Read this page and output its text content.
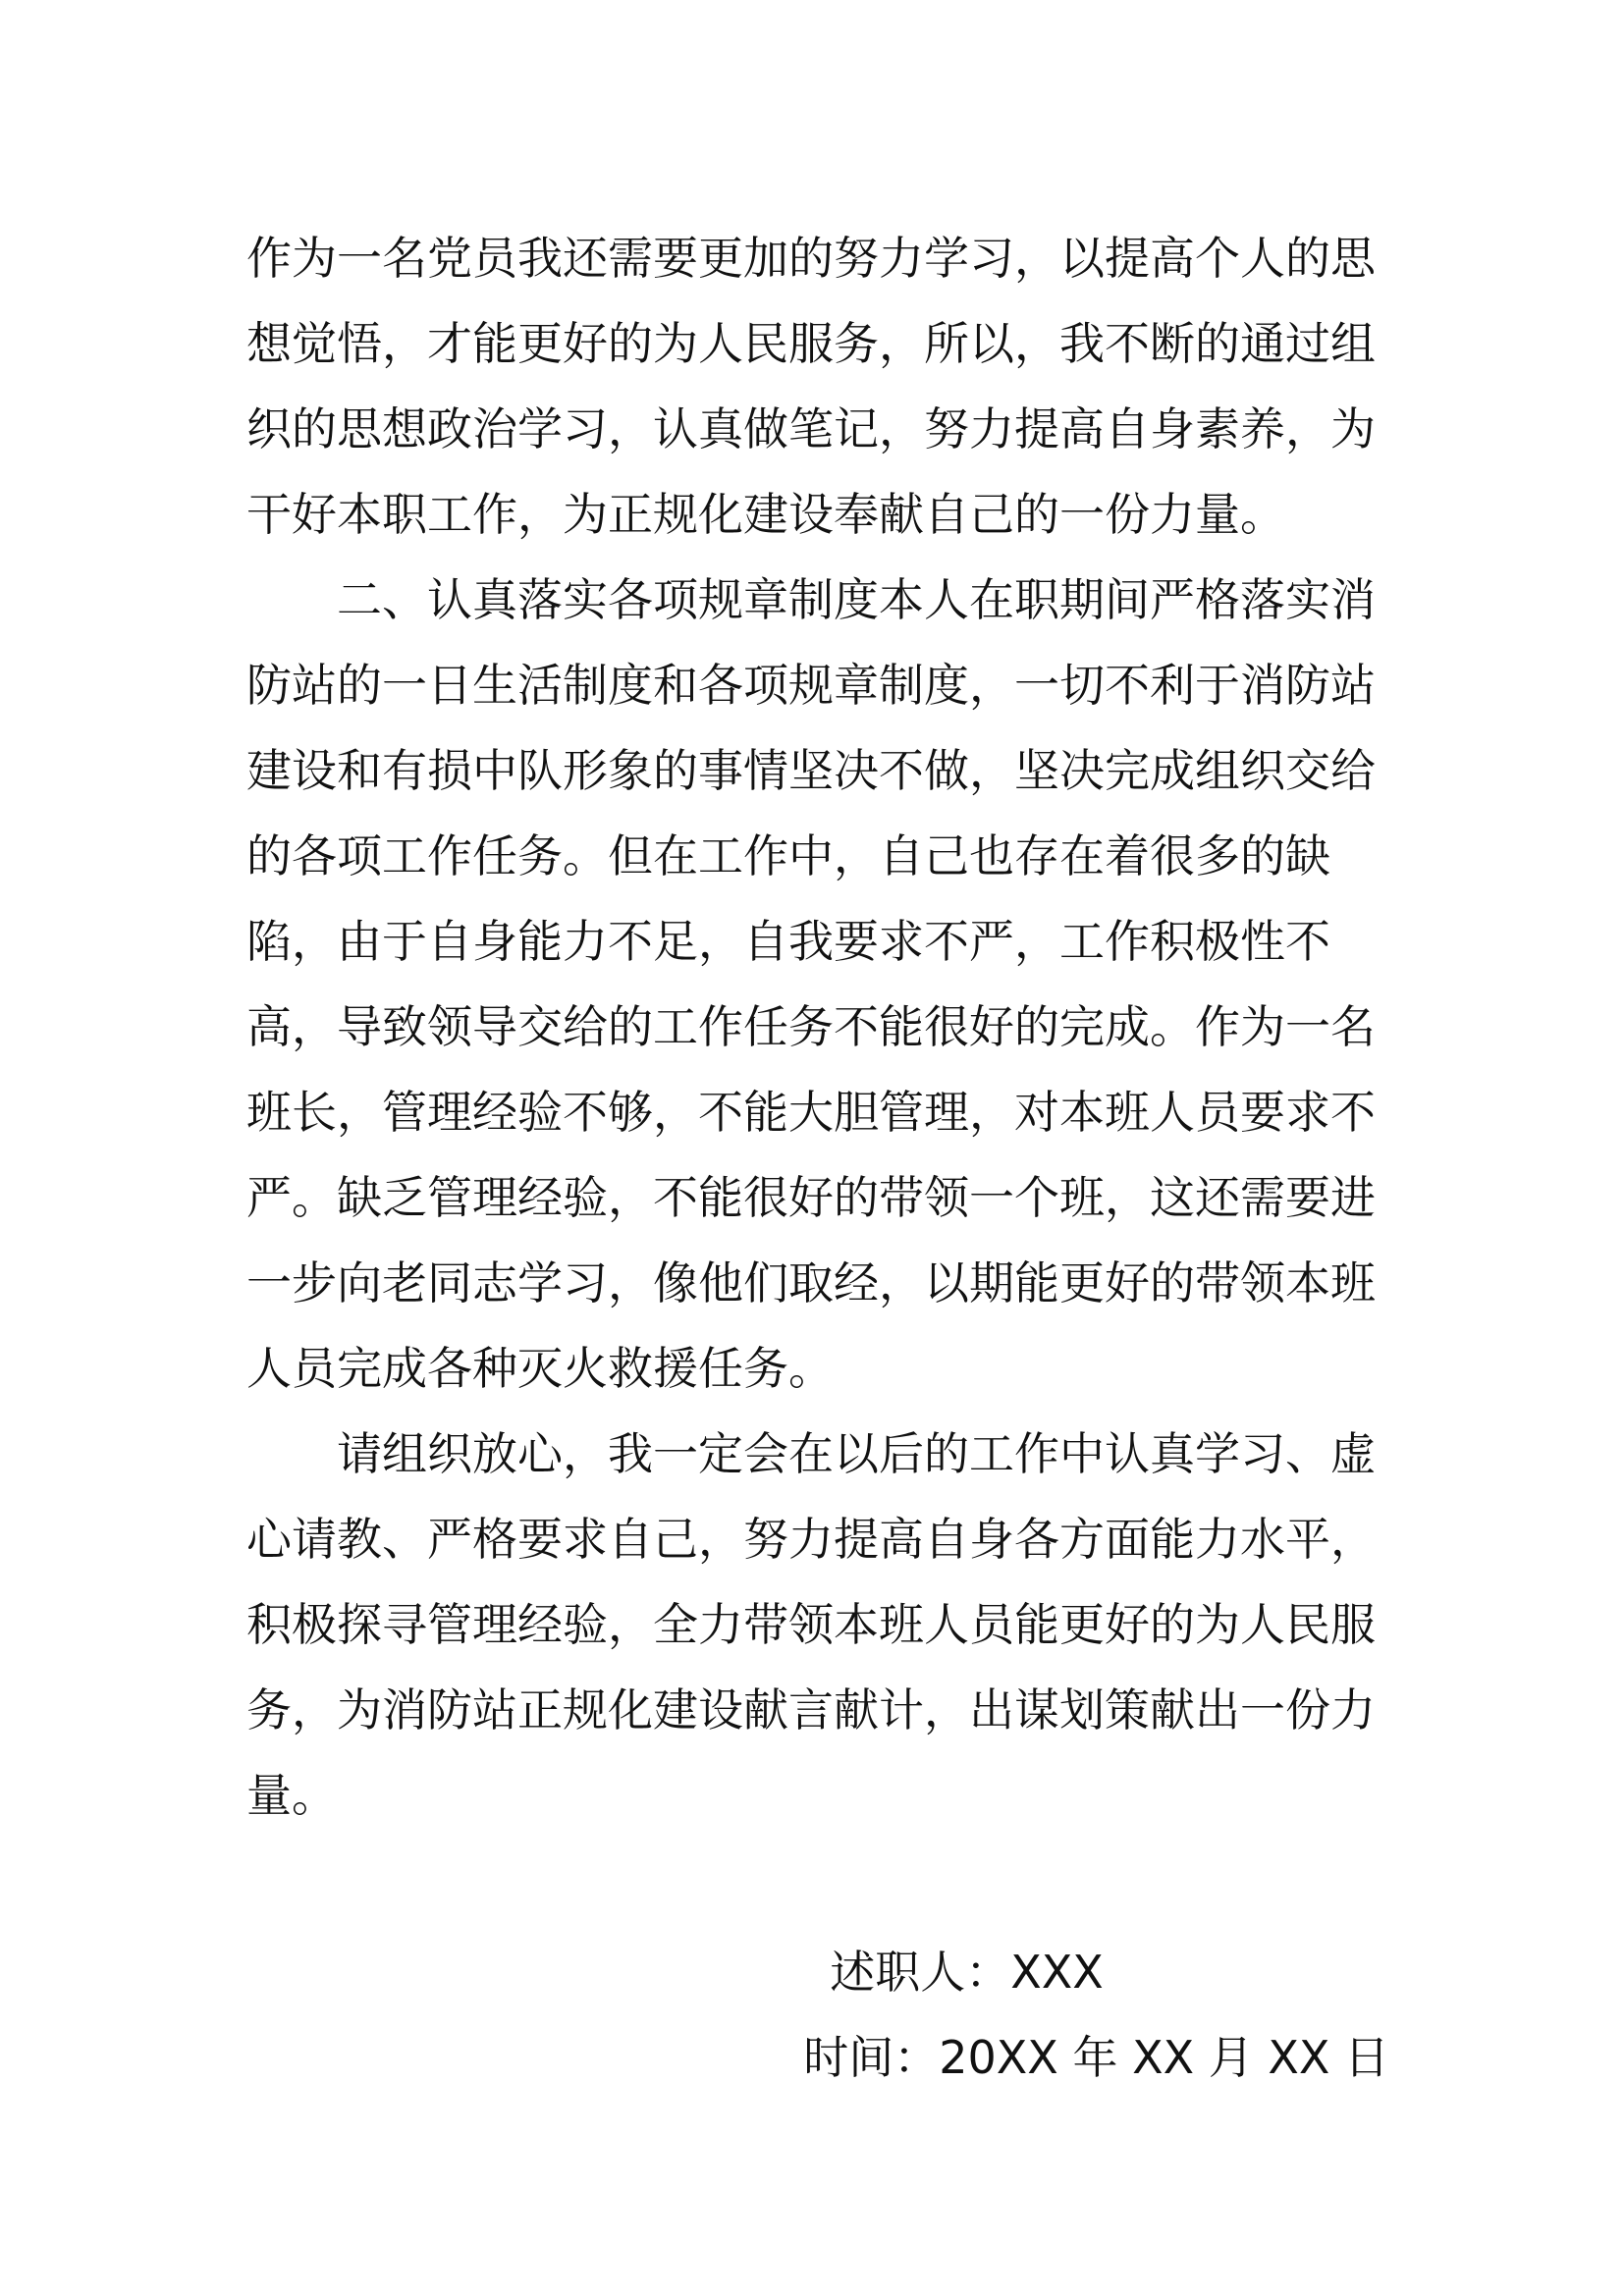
作为一名党员我还需要更加的努力学习，以提高个人的思
想觉悟，才能更好的为人民服务，所以，我不断的通过组
织的思想政治学习，认真做笔记，努力提高自身素养，为
干好本职工作，为正规化建设奉献自己的一份力量。
　　二、认真落实各项规章制度本人在职期间严格落实消
防站的一日生活制度和各项规章制度，一切不利于消防站
建设和有损中队形象的事情坚决不做，坚决完成组织交给
的各项工作任务。但在工作中，自己也存在着很多的缺
陷，由于自身能力不足，自我要求不严，工作积极性不
高，导致领导交给的工作任务不能很好的完成。作为一名
班长，管理经验不够，不能大胆管理，对本班人员要求不
严。缺乏管理经验，不能很好的带领一个班，这还需要进
一步向老同志学习，像他们取经，以期能更好的带领本班
人员完成各种灭火救援任务。
　　请组织放心，我一定会在以后的工作中认真学习、虚
心请教、严格要求自己，努力提高自身各方面能力水平，
积极探寻管理经验，全力带领本班人员能更好的为人民服
务，为消防站正规化建设献言献计，出谋划策献出一份力
量。
述职人：XXX
时间：20XX 年 XX 月 XX 日
